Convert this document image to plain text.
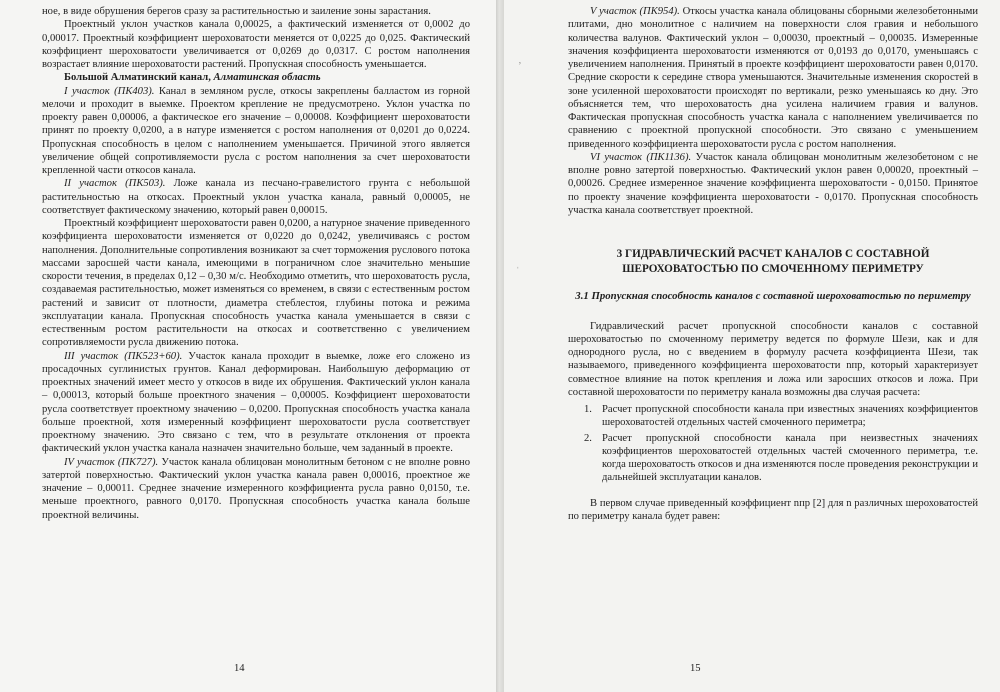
ное, в виде обрушения берегов сразу за растительностью и заиление зоны зарастания.

Проектный уклон участков канала 0,00025, а фактический изменяется от 0,0002 до 0,00017. Проектный коэффициент шероховатости меняется от 0,0225 до 0,025. Фактический коэффициент шероховатости увеличивается от 0,0269 до 0,0317. С ростом наполнения возрастает влияние шероховатости растений. Пропускная способность уменьшается.

Большой Алматинский канал, Алматинская область

I участок (ПК403). Канал в земляном русле, откосы закреплены балластом из горной мелочи и проходит в выемке. Проектом крепление не предусмотрено. Уклон участка по проекту равен 0,00006, а фактическое его значение – 0,00008. Коэффициент шероховатости принят по проекту 0,0200, а в натуре изменяется с ростом наполнения от 0,0201 до 0,0224. Пропускная способность в целом с наполнением уменьшается. Причиной этого является увеличение общей сопротивляемости русла с ростом наполнения за счет шероховатости крепленной части откосов канала.

II участок (ПК503). Ложе канала из песчано-гравелистого грунта с небольшой растительностью на откосах. Проектный уклон участка канала, равный 0,00005, не соответствует фактическому значению, который равен 0,00015.

Проектный коэффициент шероховатости равен 0,0200, а натурное значение приведенного коэффициента шероховатости изменяется от 0,0220 до 0,0242, увеличиваясь с ростом наполнения. Дополнительные сопротивления возникают за счет торможения руслового потока массами заросшей части канала, имеющими в пограничном слое значительно меньшие скорости течения, в пределах 0,12 – 0,30 м/с. Необходимо отметить, что шероховатость русла, создаваемая растительностью, может изменяться со временем, в связи с естественным ростом растений и зависит от плотности, диаметра стеблестоя, глубины потока и режима эксплуатации канала. Пропускная способность участка канала уменьшается в связи с естественным ростом растительности на откосах и соответственно с увеличением сопротивляемости русла движению потока.

III участок (ПК523+60). Участок канала проходит в выемке, ложе его сложено из просадочных суглинистых грунтов. Канал деформирован. Наибольшую деформацию от проектных значений имеет место у откосов в виде их обрушения. Фактический уклон канала – 0,00013, который больше проектного значения – 0,00005. Коэффициент шероховатости русла соответствует проектному значению – 0,0200. Пропускная способность участка канала больше проектной, хотя измеренный коэффициент шероховатости русла соответствует проектному значению. Это связано с тем, что в результате отклонения от проекта фактический уклон участка канала назначен значительно больше, чем заданный в проекте.

IV участок (ПК727). Участок канала облицован монолитным бетоном с не вполне ровно затертой поверхностью. Фактический уклон участка канала равен 0,00016, проектное же значение – 0,00011. Среднее значение измеренного коэффициента русла равно 0,0150, т.е. меньше проектного, равного 0,0170. Пропускная способность участка канала больше проектной величины.

14
ʼ
ˈ

V участок (ПК954). Откосы участка канала облицованы сборными железобетонными плитами, дно монолитное с наличием на поверхности слоя гравия и небольшого количества валунов. Фактический уклон – 0,00030, проектный – 0,00035. Измеренные значения коэффициента шероховатости изменяются от 0,0193 до 0,0170, уменьшаясь с увеличением наполнения. Принятый в проекте коэффициент шероховатости равен 0,0170. Средние скорости к середине створа уменьшаются. Значительные изменения скоростей в зоне усиленной шероховатости происходят по вертикали, резко уменьшаясь ко дну. Это объясняется тем, что шероховатость дна усилена наличием гравия и валунов. Фактическая пропускная способность участка канала с наполнением увеличивается по сравнению с проектной пропускной способности. Это связано с уменьшением приведенного коэффициента шероховатости русла с ростом наполнения.

VI участок (ПК1136). Участок канала облицован монолитным железобетоном с не вполне ровно затертой поверхностью. Фактический уклон равен 0,00020, проектный – 0,00026. Среднее измеренное значение коэффициента шероховатости - 0,0150. Принятое по проекту значение коэффициента шероховатости - 0,0170. Пропускная способность участка канала соответствует проектной.

3 ГИДРАВЛИЧЕСКИЙ РАСЧЕТ КАНАЛОВ С СОСТАВНОЙ ШЕРОХОВАТОСТЬЮ ПО СМОЧЕННОМУ ПЕРИМЕТРУ
3.1 Пропускная способность каналов с составной шероховатостью по периметру

Гидравлический расчет пропускной способности каналов с составной шероховатостью по смоченному периметру ведется по формуле Шези, как и для однородного русла, но с введением в формулу расчета коэффициента Шези, так называемого, приведенного коэффициента шероховатости nпр, который характеризует совместное влияние на поток крепления и ложа или заросших откосов и ложа. При составной шероховатости по периметру канала возможны два случая расчета:

1. Расчет пропускной способности канала при известных значениях коэффициентов шероховатостей отдельных частей смоченного периметра;
2. Расчет пропускной способности канала при неизвестных значениях коэффициентов шероховатостей отдельных частей смоченного периметра, т.е. когда шероховатость откосов и дна изменяются после проведения реконструкции и дальнейшей эксплуатации каналов.

В первом случае приведенный коэффициент nпр [2] для n различных шероховатостей по периметру канала будет равен:

15
